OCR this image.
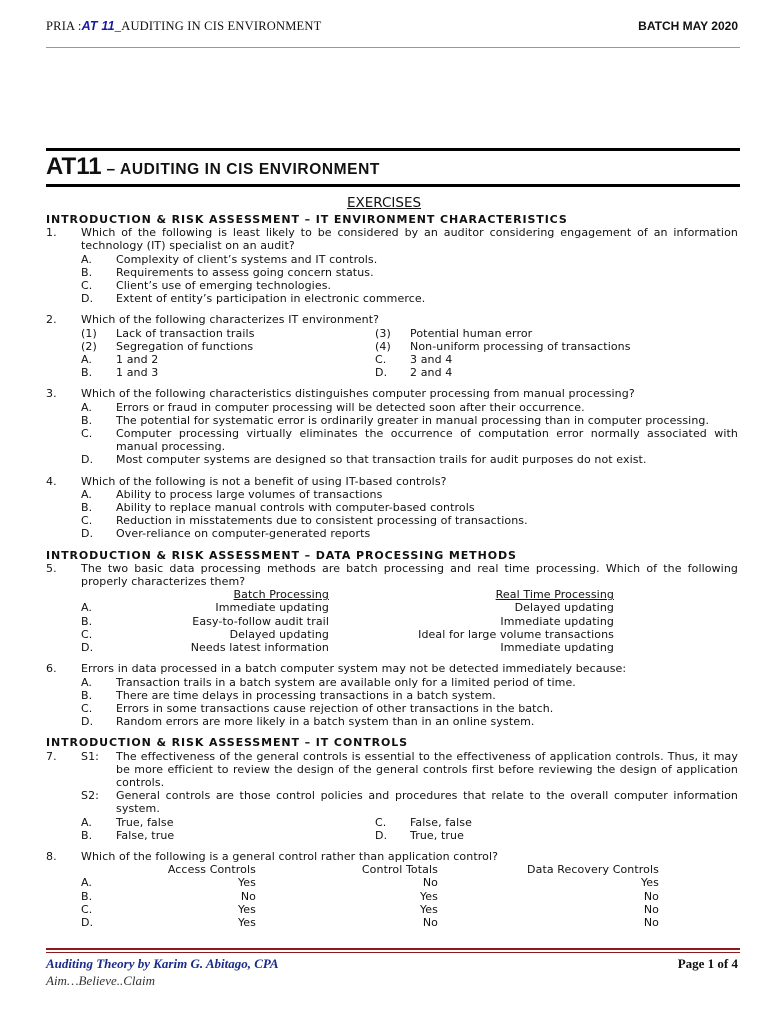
PRIA :AT 11_AUDITING IN CIS ENVIRONMENT	BATCH MAY 2020
AT11 – AUDITING IN CIS ENVIRONMENT
EXERCISES
INTRODUCTION & RISK ASSESSMENT – IT ENVIRONMENT CHARACTERISTICS
1.	Which of the following is least likely to be considered by an auditor considering engagement of an information technology (IT) specialist on an audit?
A.	Complexity of client’s systems and IT controls.
B.	Requirements to assess going concern status.
C.	Client’s use of emerging technologies.
D.	Extent of entity’s participation in electronic commerce.
2.	Which of the following characterizes IT environment?
(1)	Lack of transaction trails	(3)	Potential human error
(2)	Segregation of functions	(4)	Non-uniform processing of transactions
A.	1 and 2	C.	3 and 4
B.	1 and 3	D.	2 and 4
3.	Which of the following characteristics distinguishes computer processing from manual processing?
A.	Errors or fraud in computer processing will be detected soon after their occurrence.
B.	The potential for systematic error is ordinarily greater in manual processing than in computer processing.
C.	Computer processing virtually eliminates the occurrence of computation error normally associated with manual processing.
D.	Most computer systems are designed so that transaction trails for audit purposes do not exist.
4.	Which of the following is not a benefit of using IT-based controls?
A.	Ability to process large volumes of transactions
B.	Ability to replace manual controls with computer-based controls
C.	Reduction in misstatements due to consistent processing of transactions.
D.	Over-reliance on computer-generated reports
INTRODUCTION & RISK ASSESSMENT – DATA PROCESSING METHODS
5.	The two basic data processing methods are batch processing and real time processing. Which of the following properly characterizes them?
Batch Processing	Real Time Processing
A.	Immediate updating	Delayed updating
B.	Easy-to-follow audit trail	Immediate updating
C.	Delayed updating	Ideal for large volume transactions
D.	Needs latest information	Immediate updating
6.	Errors in data processed in a batch computer system may not be detected immediately because:
A.	Transaction trails in a batch system are available only for a limited period of time.
B.	There are time delays in processing transactions in a batch system.
C.	Errors in some transactions cause rejection of other transactions in the batch.
D.	Random errors are more likely in a batch system than in an online system.
INTRODUCTION & RISK ASSESSMENT – IT CONTROLS
7.	S1:	The effectiveness of the general controls is essential to the effectiveness of application controls. Thus, it may be more efficient to review the design of the general controls first before reviewing the design of application controls.
S2:	General controls are those control policies and procedures that relate to the overall computer information system.
A.	True, false	C.	False, false
B.	False, true	D.	True, true
8.	Which of the following is a general control rather than application control?
Access Controls	Control Totals	Data Recovery Controls
A.	Yes	No	Yes
B.	No	Yes	No
C.	Yes	Yes	No
D.	Yes	No	No
Auditing Theory by Karim G. Abitago, CPA
Aim…Believe..Claim
Page 1 of 4
